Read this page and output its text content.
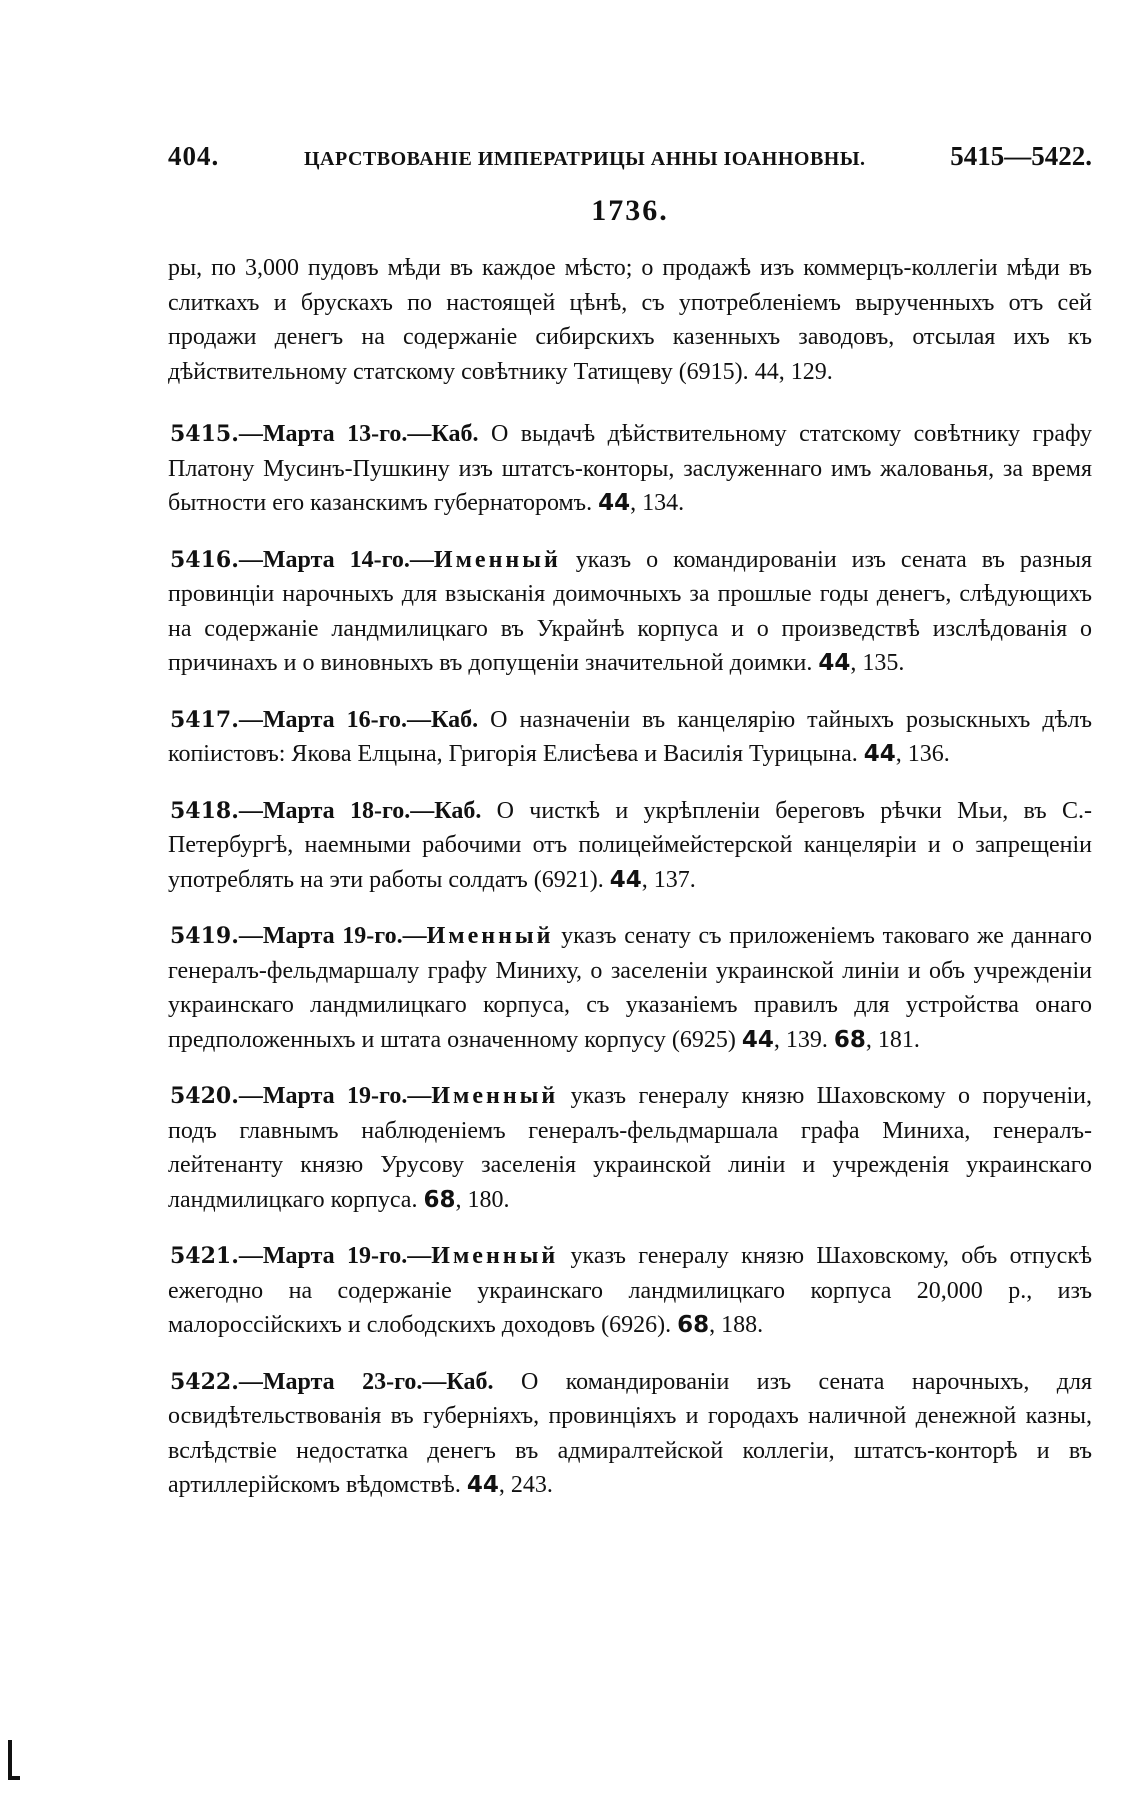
404.	ЦАРСТВОВАНІЕ ИМПЕРАТРИЦЫ АННЫ ІОАННОВНЫ.	5415—5422.
1736.

ры, по 3,000 пудовъ мѣди въ каждое мѣсто; о продажѣ изъ коммерцъ-коллегіи мѣди въ слиткахъ и брускахъ по настоящей цѣнѣ, съ употребленіемъ вырученныхъ отъ сей продажи денегъ на содержаніе сибирскихъ казенныхъ заводовъ, отсылая ихъ къ дѣйствительному статскому совѣтнику Татищеву (6915). 44, 129.

5415.—Марта 13-го.—Каб. О выдачѣ дѣйствительному статскому совѣтнику графу Платону Мусинъ-Пушкину изъ штатсъ-конторы, заслуженнаго имъ жалованья, за время бытности его казанскимъ губернаторомъ. 44, 134.

5416.—Марта 14-го.—Именный указъ о командированіи изъ сената въ разныя провинціи нарочныхъ для взысканія доимочныхъ за прошлые годы денегъ, слѣдующихъ на содержаніе ландмилицкаго въ Украйнѣ корпуса и о произведствѣ изслѣдованія о причинахъ и о виновныхъ въ допущеніи значительной доимки. 44, 135.

5417.—Марта 16-го.—Каб. О назначеніи въ канцелярію тайныхъ розыскныхъ дѣлъ копіистовъ: Якова Елцына, Григорія Елисѣева и Василія Турицына. 44, 136.

5418.—Марта 18-го.—Каб. О чисткѣ и укрѣпленіи береговъ рѣчки Мьи, въ С.-Петербургѣ, наемными рабочими отъ полицеймейстерской канцеляріи и о запрещеніи употреблять на эти работы солдатъ (6921). 44, 137.

5419.—Марта 19-го.—Именный указъ сенату съ приложеніемъ таковаго же даннаго генералъ-фельдмаршалу графу Миниху, о заселеніи украинской линіи и объ учрежденіи украинскаго ландмилицкаго корпуса, съ указаніемъ правилъ для устройства онаго предположенныхъ и штата означенному корпусу (6925) 44, 139. 68, 181.

5420.—Марта 19-го.—Именный указъ генералу князю Шаховскому о порученіи, подъ главнымъ наблюденіемъ генералъ-фельдмаршала графа Миниха, генералъ-лейтенанту князю Урусову заселенія украинской линіи и учрежденія украинскаго ландмилицкаго корпуса. 68, 180.

5421.—Марта 19-го.—Именный указъ генералу князю Шаховскому, объ отпускѣ ежегодно на содержаніе украинскаго ландмилицкаго корпуса 20,000 р., изъ малороссійскихъ и слободскихъ доходовъ (6926). 68, 188.

5422.—Марта 23-го.—Каб. О командированіи изъ сената нарочныхъ, для освидѣтельствованія въ губерніяхъ, провинціяхъ и городахъ наличной денежной казны, вслѣдствіе недостатка денегъ въ адмиралтейской коллегіи, штатсъ-конторѣ и въ артиллерійскомъ вѣдомствѣ. 44, 243.
